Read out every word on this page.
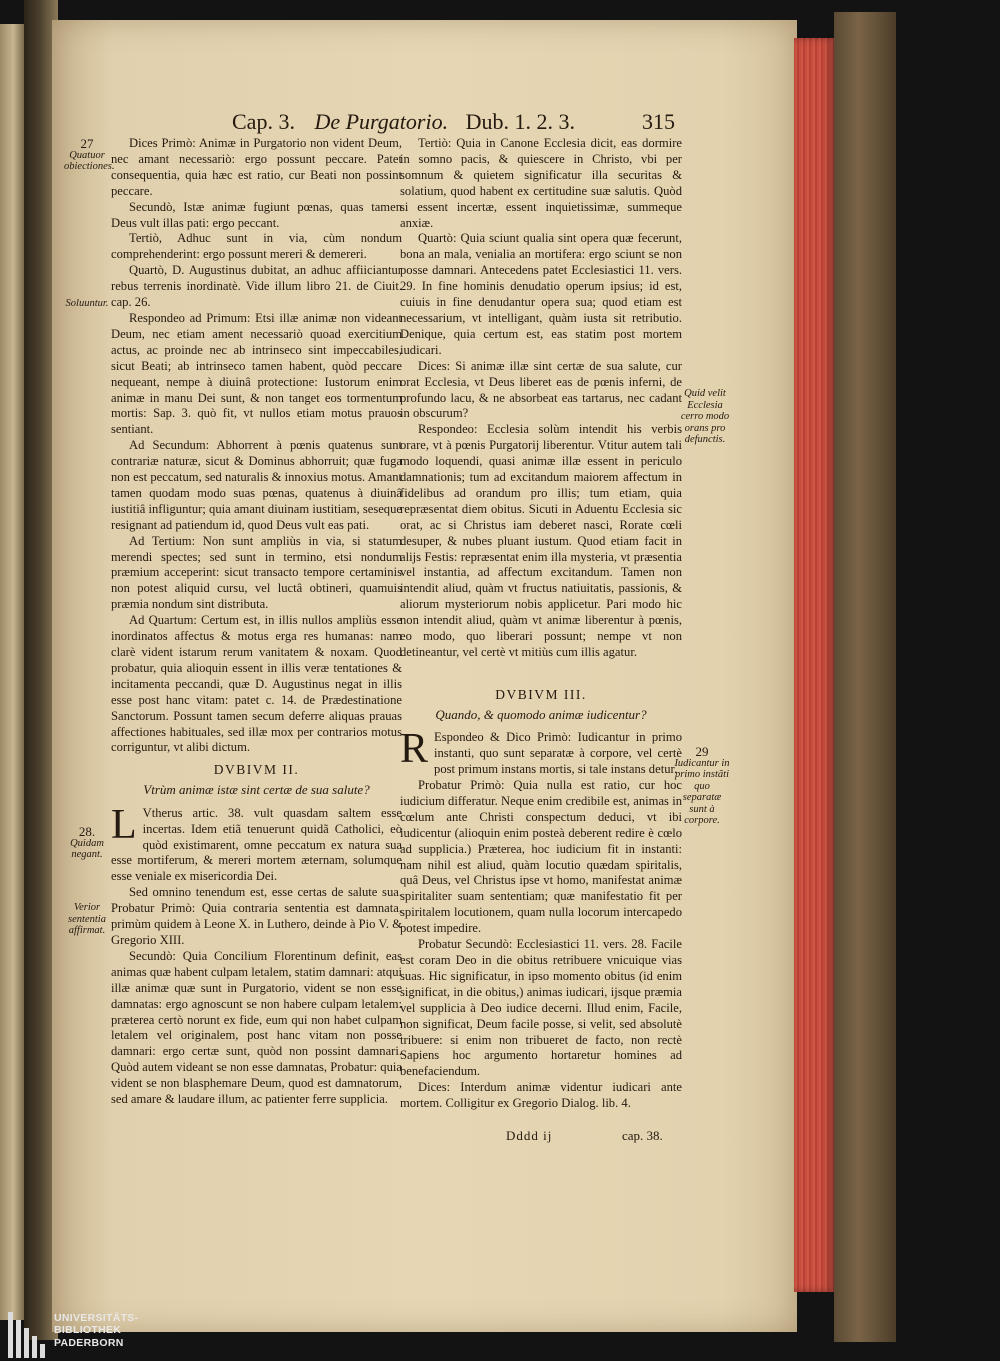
Cap. 3. De Purgatorio. Dub. 1. 2. 3.	315

Dices Primò: Animæ in Purgatorio non vident Deum, nec amant necessariò: ergo possunt peccare. Patet consequentia, quia hæc est ratio, cur Beati non possint peccare.

Secundò, Istæ animæ fugiunt pœnas, quas tamen Deus vult illas pati: ergo peccant.

Tertiò, Adhuc sunt in via, cùm nondum comprehenderint: ergo possunt mereri & demereri.

Quartò, D. Augustinus dubitat, an adhuc affiiciantur rebus terrenis inordinatè. Vide illum libro 21. de Ciuit. cap. 26.

Respondeo ad Primum: Etsi illæ animæ non videant Deum, nec etiam ament necessariò quoad exercitium actus, ac proinde nec ab intrinseco sint impeccabiles, sicut Beati; ab intrinseco tamen habent, quòd peccare nequeant, nempe à diuinâ protectione: Iustorum enim animæ in manu Dei sunt, & non tanget eos tormentum mortis: Sap. 3. quò fit, vt nullos etiam motus prauos sentiant.

Ad Secundum: Abhorrent à pœnis quatenus sunt contrariæ naturæ, sicut & Dominus abhorruit; quæ fuga non est peccatum, sed naturalis & innoxius motus. Amant tamen quodam modo suas pœnas, quatenus à diuinâ iustitiâ infliguntur; quia amant diuinam iustitiam, seseque resignant ad patiendum id, quod Deus vult eas pati.

Ad Tertium: Non sunt ampliùs in via, si statum merendi spectes; sed sunt in termino, etsi nondum præmium acceperint: sicut transacto tempore certaminis non potest aliquid cursu, vel luctâ obtineri, quamuis præmia nondum sint distributa.

Ad Quartum: Certum est, in illis nullos ampliùs esse inordinatos affectus & motus erga res humanas: nam clarè vident istarum rerum vanitatem & noxam. Quod probatur, quia alioquin essent in illis veræ tentationes & incitamenta peccandi, quæ D. Augustinus negat in illis esse post hanc vitam: patet c. 14. de Prædestinatione Sanctorum. Possunt tamen secum deferre aliquas prauas affectiones habituales, sed illæ mox per contrarios motus corriguntur, vt alibi dictum.

DVBIVM II.
Vtrùm animæ istæ sint certæ de sua salute?

L Vtherus artic. 38. vult quasdam saltem esse incertas. Idem etiã tenuerunt quidã Catholici, eò quòd existimarent, omne peccatum ex natura sua esse mortiferum, & mereri mortem æternam, solumque esse veniale ex misericordia Dei.

Sed omnino tenendum est, esse certas de salute sua. Probatur Primò: Quia contraria sententia est damnata, primùm quidem à Leone X. in Luthero, deinde à Pio V. & Gregorio XIII.

Secundò: Quia Concilium Florentinum definit, eas animas quæ habent culpam letalem, statim damnari: atqui illæ animæ quæ sunt in Purgatorio, vident se non esse damnatas: ergo agnoscunt se non habere culpam letalem: præterea certò norunt ex fide, eum qui non habet culpam letalem vel originalem, post hanc vitam non posse damnari: ergo certæ sunt, quòd non possint damnari. Quòd autem videant se non esse damnatas, Probatur: quia vident se non blasphemare Deum, quod est damnatorum, sed amare & laudare illum, ac patienter ferre supplicia.

Tertiò: Quia in Canone Ecclesia dicit, eas dormire in somno pacis, & quiescere in Christo, vbi per somnum & quietem significatur illa securitas & solatium, quod habent ex certitudine suæ salutis. Quòd si essent incertæ, essent inquietissimæ, summeque anxiæ.

Quartò: Quia sciunt qualia sint opera quæ fecerunt, bona an mala, venialia an mortifera: ergo sciunt se non posse damnari. Antecedens patet Ecclesiastici 11. vers. 29. In fine hominis denudatio operum ipsius; id est, cuiuis in fine denudantur opera sua; quod etiam est necessarium, vt intelligant, quàm iusta sit retributio. Denique, quia certum est, eas statim post mortem iudicari.

Dices: Si animæ illæ sint certæ de sua salute, cur orat Ecclesia, vt Deus liberet eas de pœnis inferni, de profundo lacu, & ne absorbeat eas tartarus, nec cadant in obscurum?

Respondeo: Ecclesia solùm intendit his verbis orare, vt à pœnis Purgatorij liberentur. Vtitur autem tali modo loquendi, quasi animæ illæ essent in periculo damnationis; tum ad excitandum maiorem affectum in fidelibus ad orandum pro illis; tum etiam, quia repræsentat diem obitus. Sicuti in Aduentu Ecclesia sic orat, ac si Christus iam deberet nasci, Rorate cœli desuper, & nubes pluant iustum. Quod etiam facit in alijs Festis: repræsentat enim illa mysteria, vt præsentia vel instantia, ad affectum excitandum. Tamen non intendit aliud, quàm vt fructus natiuitatis, passionis, & aliorum mysteriorum nobis applicetur. Pari modo hic non intendit aliud, quàm vt animæ liberentur à pœnis, eo modo, quo liberari possunt; nempe vt non detineantur, vel certè vt mitiùs cum illis agatur.

DVBIVM III.
Quando, & quomodo animæ iudicentur?

R Espondeo & Dico Primò: Iudicantur in primo instanti, quo sunt separatæ à corpore, vel certè post primum instans mortis, si tale instans detur.

Probatur Primò: Quia nulla est ratio, cur hoc iudicium differatur. Neque enim credibile est, animas in cœlum ante Christi conspectum deduci, vt ibi iudicentur (alioquin enim posteà deberent redire è cœlo ad supplicia.) Præterea, hoc iudicium fit in instanti: nam nihil est aliud, quàm locutio quædam spiritalis, quâ Deus, vel Christus ipse vt homo, manifestat animæ spiritaliter suam sententiam; quæ manifestatio fit per spiritalem locutionem, quam nulla locorum intercapedo potest impedire.

Probatur Secundò: Ecclesiastici 11. vers. 28. Facile est coram Deo in die obitus retribuere vnicuique vias suas. Hic significatur, in ipso momento obitus (id enim significat, in die obitus,) animas iudicari, ijsque præmia vel supplicia à Deo iudice decerni. Illud enim, Facile, non significat, Deum facile posse, si velit, sed absolutè tribuere: si enim non tribueret de facto, non rectè Sapiens hoc argumento hortaretur homines ad benefaciendum.

Dices: Interdum animæ videntur iudicari ante mortem. Colligitur ex Gregorio Dialog. lib. 4.

27
Quatuor obiectiones.
Soluuntur.
28.
Quidam negant.
Verior sententia affirmat.
Quid velit Ecclesia cerro modo orans pro defunctis.
29
Iudicantur in primo instãti quo separatæ sunt à corpore.
Dddd ij	cap. 38.
UNIVERSITÄTS-
BIBLIOTHEK
PADERBORN
